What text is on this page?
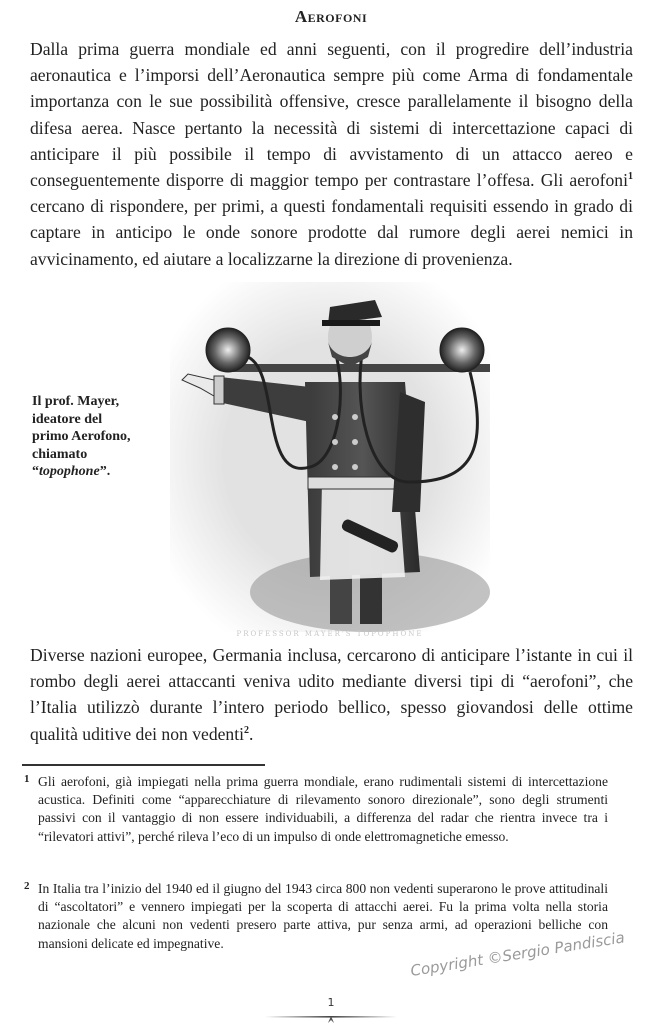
Aerofoni
Dalla prima guerra mondiale ed anni seguenti, con il progredire dell’industria aeronautica e l’imporsi dell’Aeronautica sempre più come Arma di fondamentale importanza con le sue possibilità offensive, cresce parallelamente il bisogno della difesa aerea. Nasce pertanto la necessità di sistemi di intercettazione capaci di anticipare il più possibile il tempo di avvistamento di un attacco aereo e conseguentemente disporre di maggior tempo per contrastare l’offesa. Gli aerofoni$^1$ cercano di rispondere, per primi, a questi fondamentali requisiti essendo in grado di captare in anticipo le onde sonore prodotte dal rumore degli aerei nemici in avvicinamento, ed aiutare a localizzarne la direzione di provenienza.
Il prof. Mayer,
ideatore del
primo Aerofono,
chiamato
“topophone”.
PROFESSOR MAYER'S TOPOPHONE
Diverse nazioni europee, Germania inclusa, cercarono di anticipare l’istante in cui il rombo degli aerei attaccanti veniva udito mediante diversi tipi di “aerofoni”, che l’Italia utilizzò durante l’intero periodo bellico, spesso giovandosi delle ottime qualità uditive dei non vedenti$^2$.
1 Gli aerofoni, già impiegati nella prima guerra mondiale, erano rudimentali sistemi di intercettazione acustica. Definiti come “apparecchiature di rilevamento sonoro direzionale”, sono degli strumenti passivi con il vantaggio di non essere individuabili, a differenza del radar che rientra invece tra i “rilevatori attivi”, perché rileva l’eco di un impulso di onde elettromagnetiche emesso.
2 In Italia tra l’inizio del 1940 ed il giugno del 1943 circa 800 non vedenti superarono le prove attitudinali di “ascoltatori” e vennero impiegati per la scoperta di attacchi aerei. Fu la prima volta nella storia nazionale che alcuni non vedenti presero parte attiva, pur senza armi, ad operazioni belliche con mansioni delicate ed impegnative.	Copyright ©Sergio Pandiscia
1
